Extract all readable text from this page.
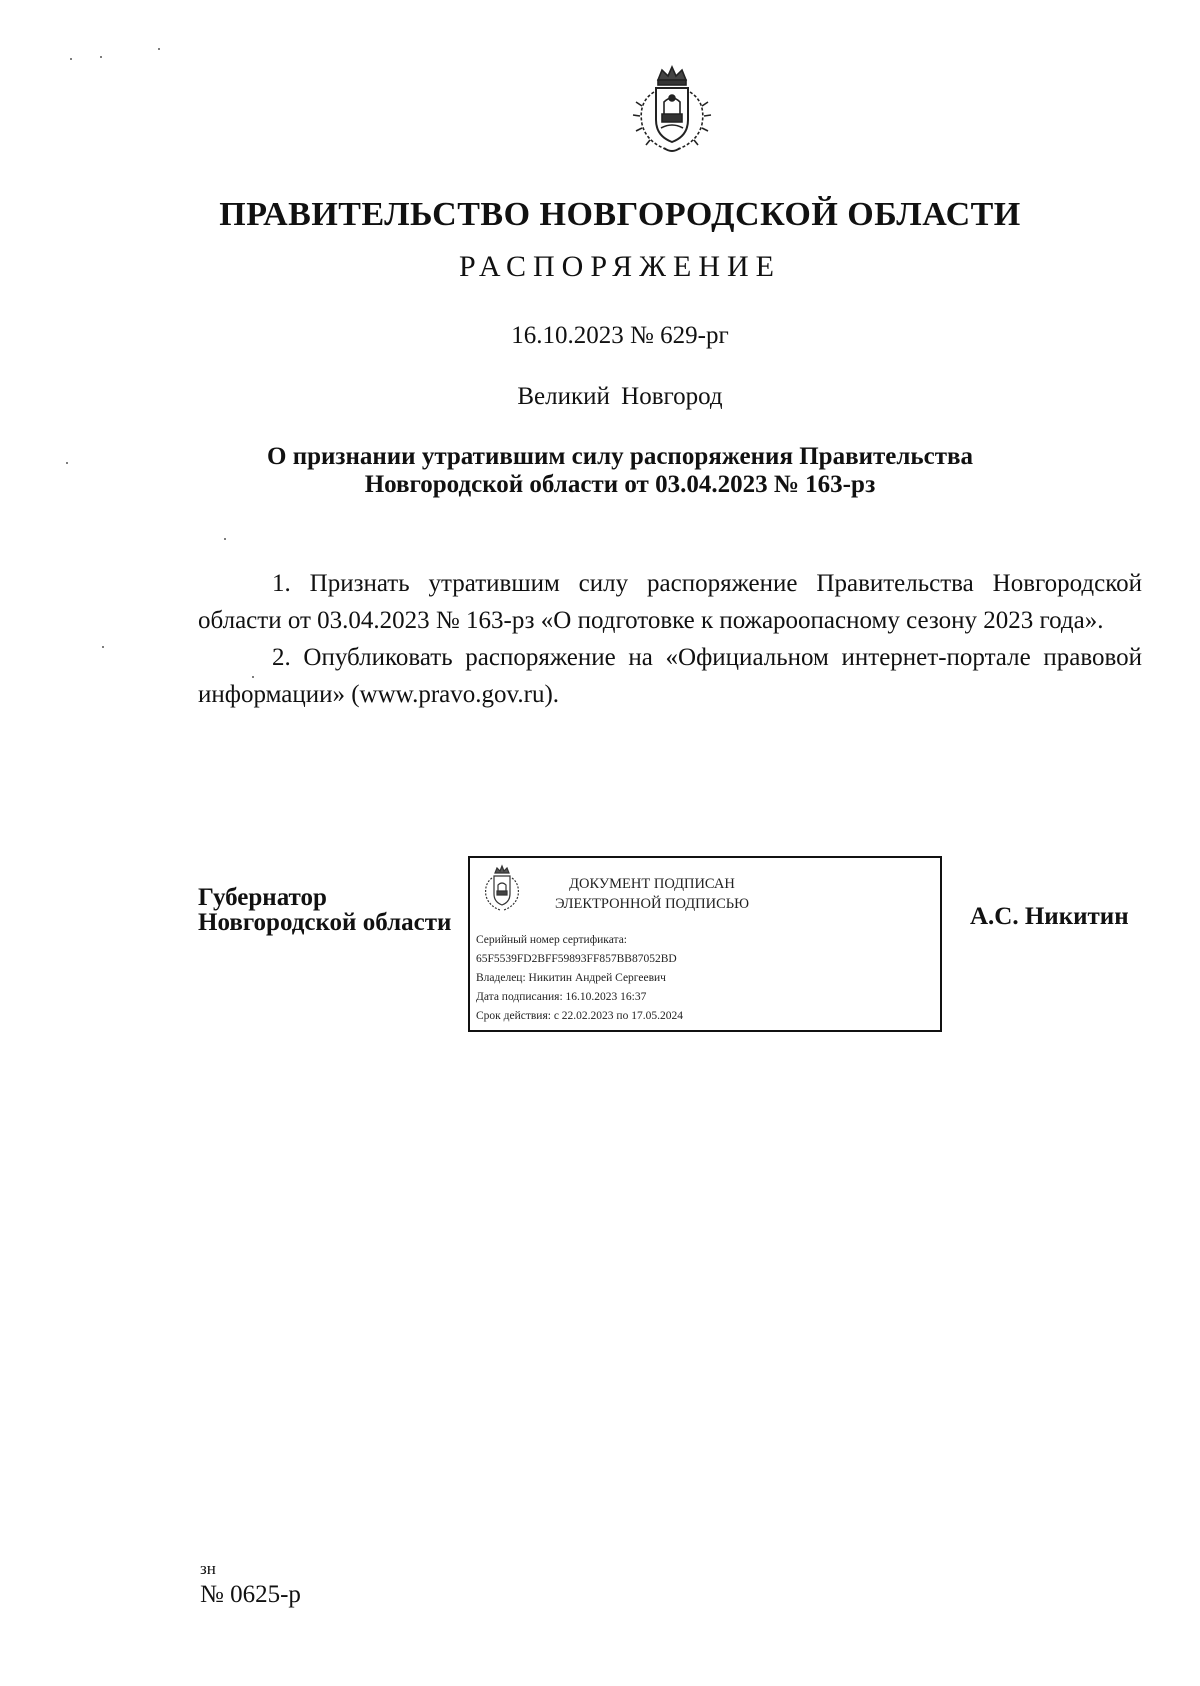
ПРАВИТЕЛЬСТВО НОВГОРОДСКОЙ ОБЛАСТИ
РАСПОРЯЖЕНИЕ
16.10.2023 № 629-рг
Великий Новгород
О признании утратившим силу распоряжения Правительства
Новгородской области от 03.04.2023 № 163-рз

1. Признать утратившим силу распоряжение Правительства Новгородской области от 03.04.2023 № 163-рз «О подготовке к пожароопасному сезону 2023 года».

2. Опубликовать распоряжение на «Официальном интернет-портале правовой информации» (www.pravo.gov.ru).

Губернатор
Новгородской области
ДОКУМЕНТ ПОДПИСАН
ЭЛЕКТРОННОЙ ПОДПИСЬЮ
Серийный номер сертификата:
65F5539FD2BFF59893FF857BB87052BD
Владелец: Никитин Андрей Сергеевич
Дата подписания: 16.10.2023 16:37
Срок действия: с 22.02.2023 по 17.05.2024
А.С. Никитин
зн
№ 0625-р
